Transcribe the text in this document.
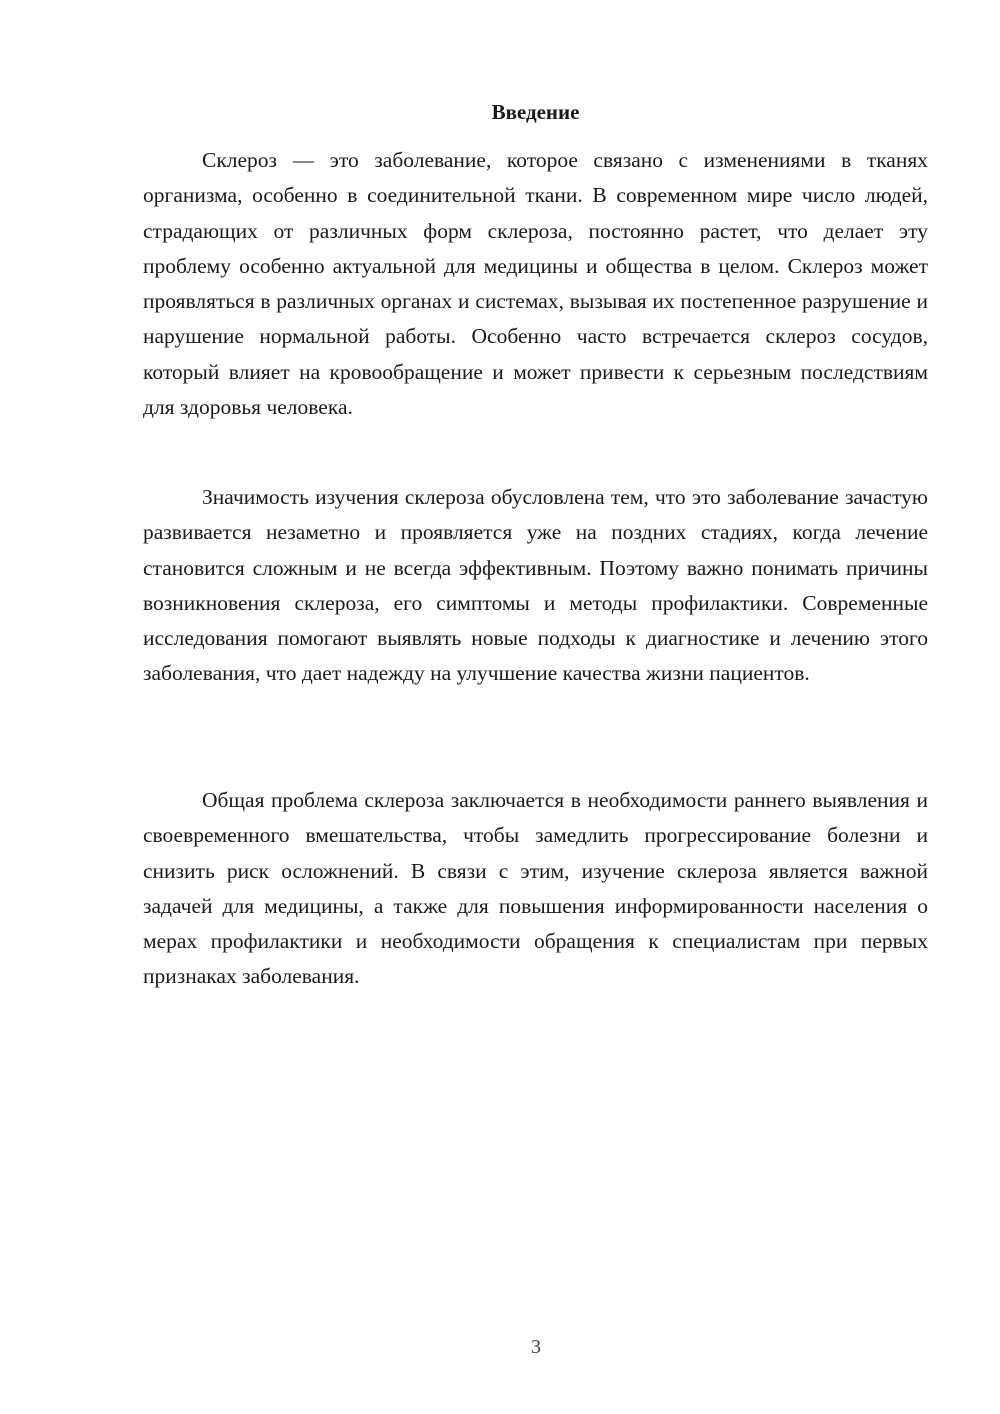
Введение

Склероз — это заболевание, которое связано с изменениями в тканях организма, особенно в соединительной ткани. В современном мире число людей, страдающих от различных форм склероза, постоянно растет, что делает эту проблему особенно актуальной для медицины и общества в целом. Склероз может проявляться в различных органах и системах, вызывая их постепенное разрушение и нарушение нормальной работы. Особенно часто встречается склероз сосудов, который влияет на кровообращение и может привести к серьезным последствиям для здоровья человека.

Значимость изучения склероза обусловлена тем, что это заболевание зачастую развивается незаметно и проявляется уже на поздних стадиях, когда лечение становится сложным и не всегда эффективным. Поэтому важно понимать причины возникновения склероза, его симптомы и методы профилактики. Современные исследования помогают выявлять новые подходы к диагностике и лечению этого заболевания, что дает надежду на улучшение качества жизни пациентов.

Общая проблема склероза заключается в необходимости раннего выявления и своевременного вмешательства, чтобы замедлить прогрессирование болезни и снизить риск осложнений. В связи с этим, изучение склероза является важной задачей для медицины, а также для повышения информированности населения о мерах профилактики и необходимости обращения к специалистам при первых признаках заболевания.

3
